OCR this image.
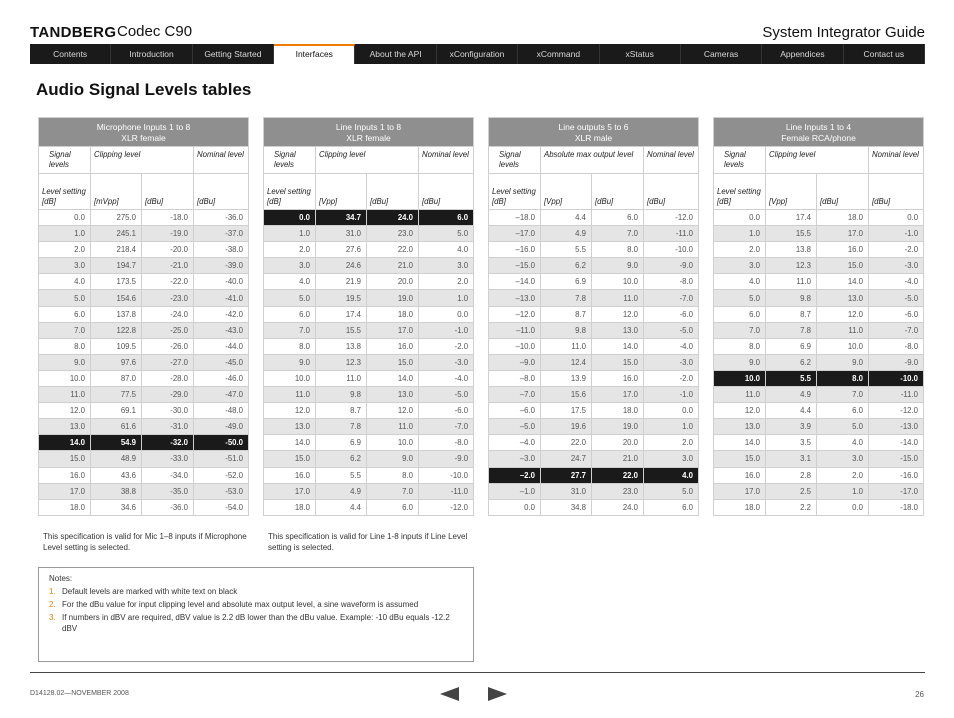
TANDBERG Codec C90	System Integrator Guide
Contents	Introduction	Getting Started	Interfaces	About the API	xConfiguration	xCommand	xStatus	Cameras	Appendices	Contact us
Audio Signal Levels tables
Microphone Inputs 1 to 8
XLR female			

Signal levels	Clipping level		Nominal level
Level setting [dB]	[mVpp]	[dBu]	[dBu]
0.0	275.0	-18.0	-36.0
1.0	245.1	-19.0	-37.0
2.0	218.4	-20.0	-38.0
3.0	194.7	-21.0	-39.0
4.0	173.5	-22.0	-40.0
5.0	154.6	-23.0	-41.0
6.0	137.8	-24.0	-42.0
7.0	122.8	-25.0	-43.0
8.0	109.5	-26.0	-44.0
9.0	97.6	-27.0	-45.0
10.0	87.0	-28.0	-46.0
11.0	77.5	-29.0	-47.0
12.0	69.1	-30.0	-48.0
13.0	61.6	-31.0	-49.0
14.0	54.9	-32.0	-50.0
15.0	48.9	-33.0	-51.0
16.0	43.6	-34.0	-52.0
17.0	38.8	-35.0	-53.0
18.0	34.6	-36.0	-54.0
This specification is valid for Mic 1–8 inputs if Microphone Level setting is selected.
Line Inputs 1 to 8
XLR female			

Signal levels	Clipping level		Nominal level
Level setting [dB]	[Vpp]	[dBu]	[dBu]
0.0	34.7	24.0	6.0
1.0	31.0	23.0	5.0
2.0	27.6	22.0	4.0
3.0	24.6	21.0	3.0
4.0	21.9	20.0	2.0
5.0	19.5	19.0	1.0
6.0	17.4	18.0	0.0
7.0	15.5	17.0	-1.0
8.0	13.8	16.0	-2.0
9.0	12.3	15.0	-3.0
10.0	11.0	14.0	-4.0
11.0	9.8	13.0	-5.0
12.0	8.7	12.0	-6.0
13.0	7.8	11.0	-7.0
14.0	6.9	10.0	-8.0
15.0	6.2	9.0	-9.0
16.0	5.5	8.0	-10.0
17.0	4.9	7.0	-11.0
18.0	4.4	6.0	-12.0
This specification is valid for Line 1-8 inputs if Line Level setting is selected.
Line outputs 5 to 6
XLR male			

Signal levels	Absolute max output level		Nominal level
Level setting [dB]	[Vpp]	[dBu]	[dBu]
–18.0	4.4	6.0	-12.0
–17.0	4.9	7.0	-11.0
–16.0	5.5	8.0	-10.0
–15.0	6.2	9.0	-9.0
–14.0	6.9	10.0	-8.0
–13.0	7.8	11.0	-7.0
–12.0	8.7	12.0	-6.0
–11.0	9.8	13.0	-5.0
–10.0	11.0	14.0	-4.0
–9.0	12.4	15.0	-3.0
–8.0	13.9	16.0	-2.0
–7.0	15.6	17.0	-1.0
–6.0	17.5	18.0	0.0
–5.0	19.6	19.0	1.0
–4.0	22.0	20.0	2.0
–3.0	24.7	21.0	3.0
–2.0	27.7	22.0	4.0
–1.0	31.0	23.0	5.0
0.0	34.8	24.0	6.0
Line Inputs 1 to 4
Female RCA/phone			

Signal levels	Clipping level		Nominal level
Level setting [dB]	[Vpp]	[dBu]	[dBu]
0.0	17.4	18.0	0.0
1.0	15.5	17.0	-1.0
2.0	13.8	16.0	-2.0
3.0	12.3	15.0	-3.0
4.0	11.0	14.0	-4.0
5.0	9.8	13.0	-5.0
6.0	8.7	12.0	-6.0
7.0	7.8	11.0	-7.0
8.0	6.9	10.0	-8.0
9.0	6.2	9.0	-9.0
10.0	5.5	8.0	-10.0
11.0	4.9	7.0	-11.0
12.0	4.4	6.0	-12.0
13.0	3.9	5.0	-13.0
14.0	3.5	4.0	-14.0
15.0	3.1	3.0	-15.0
16.0	2.8	2.0	-16.0
17.0	2.5	1.0	-17.0
18.0	2.2	0.0	-18.0
Notes:
1. Default levels are marked with white text on black
2. For the dBu value for input clipping level and absolute max output level, a sine waveform is assumed
3. If numbers in dBV are required, dBV value is 2.2 dB lower than the dBu value. Example: -10 dBu equals -12.2 dBV
D14128.02—NOVEMBER 2008	26
